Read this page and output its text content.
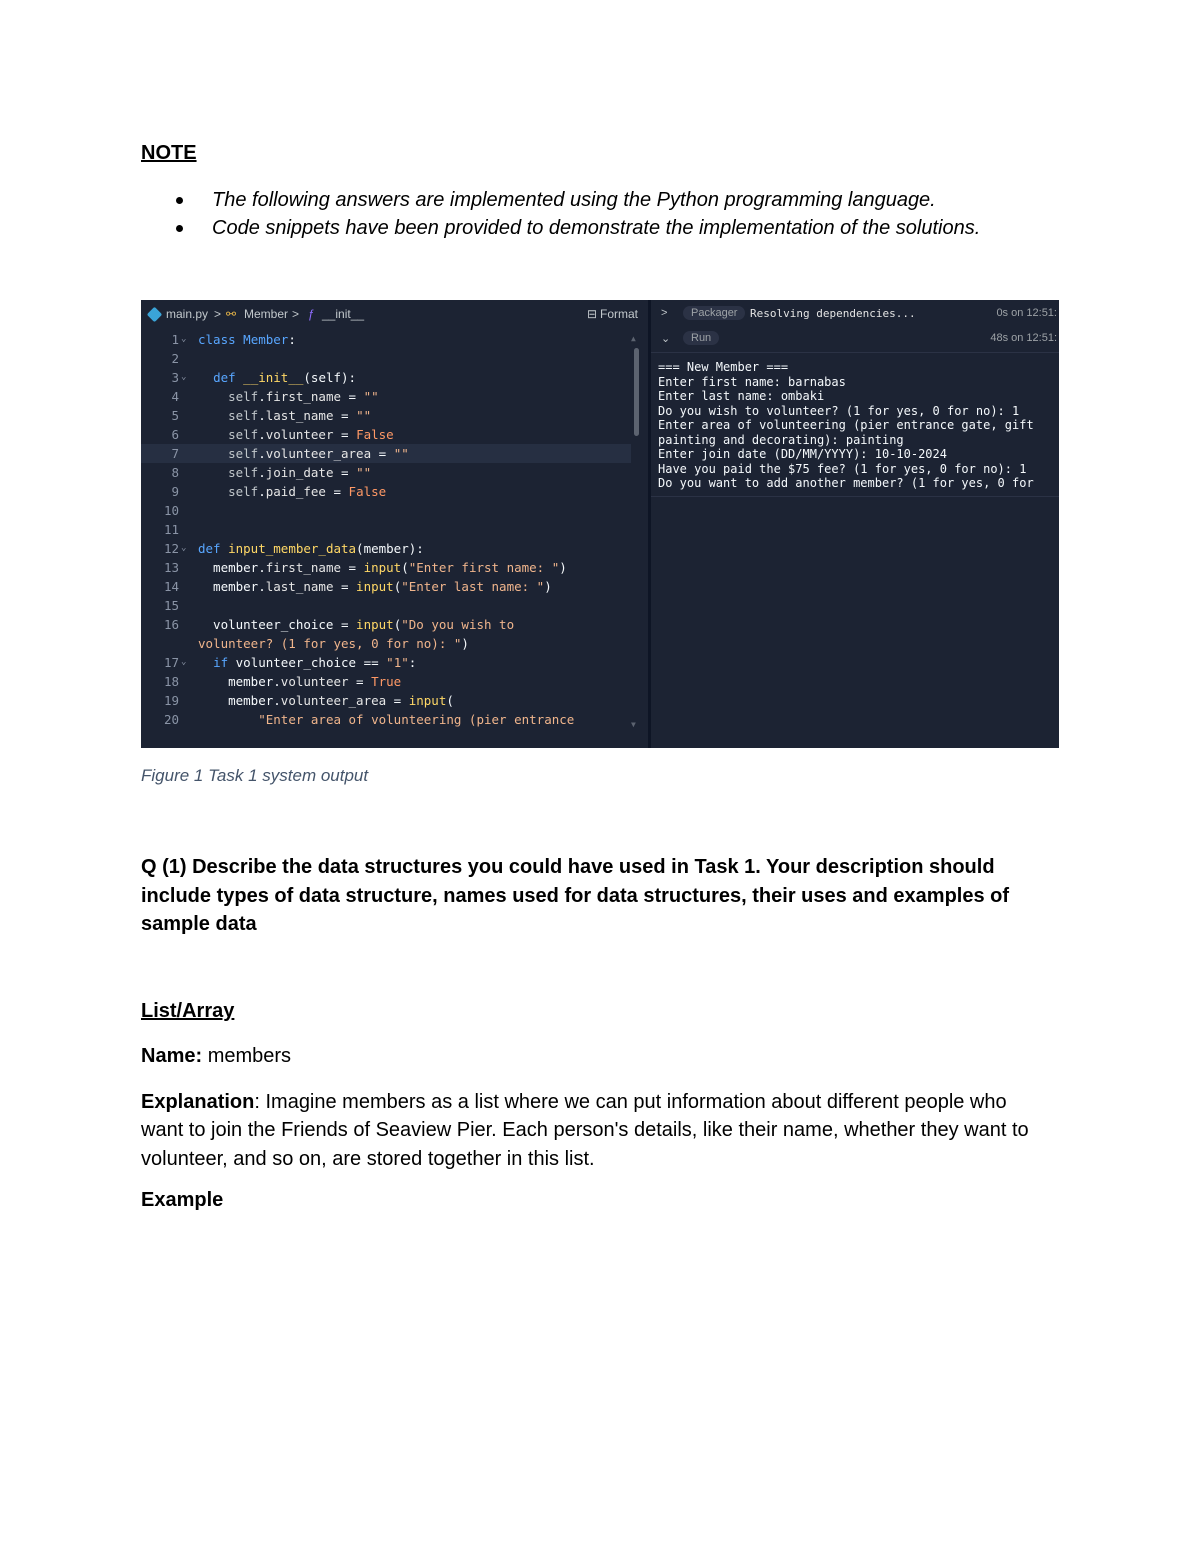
NOTE
The following answers are implemented using the Python programming language.
Code snippets have been provided to demonstrate the implementation of the solutions.
main.py > ⚯ Member > ƒ __init__	⊟ Format
1 ⌄ class Member:
2
3 ⌄	def __init__(self):
4	self.first_name = ""
5	self.last_name = ""
6	self.volunteer = False
7	self.volunteer_area = ""
8	self.join_date = ""
9	self.paid_fee = False
10
11
12 ⌄ def input_member_data(member):
13 member.first_name = input("Enter first name: ")
14 member.last_name = input("Enter last name: ")
15
16 volunteer_choice = input("Do you wish to
volunteer? (1 for yes, 0 for no): ")
17 ⌄	if volunteer_choice == "1":
18 member.volunteer = True
19 member.volunteer_area = input(
20	"Enter area of volunteering (pier entrance
▲
▼
>	Packager	Resolving dependencies...	0s on 12:51:
⌄	Run	48s on 12:51:
=== New Member ===
Enter first name: barnabas
Enter last name: ombaki
Do you wish to volunteer? (1 for yes, 0 for no): 1
Enter area of volunteering (pier entrance gate, gift
painting and decorating): painting
Enter join date (DD/MM/YYYY): 10-10-2024
Have you paid the $75 fee? (1 for yes, 0 for no): 1
Do you want to add another member? (1 for yes, 0 for
Figure 1 Task 1 system output
Q (1) Describe the data structures you could have used in Task 1. Your description should include types of data structure, names used for data structures, their uses and examples of sample data
List/Array
Name: members
Explanation: Imagine members as a list where we can put information about different people who want to join the Friends of Seaview Pier. Each person's details, like their name, whether they want to volunteer, and so on, are stored together in this list.
Example
